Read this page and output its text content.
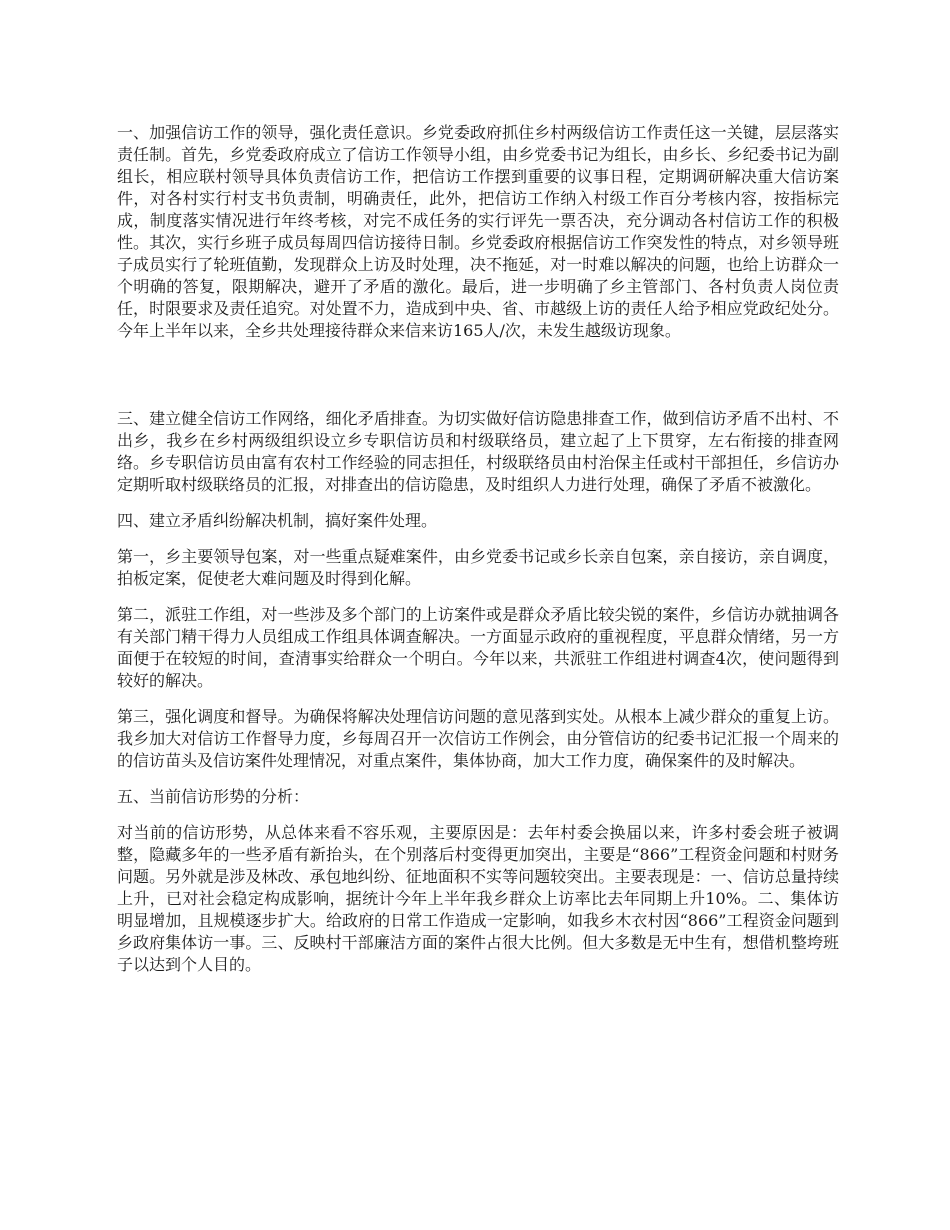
一、加强信访工作的领导，强化责任意识。乡党委政府抓住乡村两级信访工作责任这一关键，层层落实责任制。首先，乡党委政府成立了信访工作领导小组，由乡党委书记为组长，由乡长、乡纪委书记为副组长，相应联村领导具体负责信访工作，把信访工作摆到重要的议事日程，定期调研解决重大信访案件，对各村实行村支书负责制，明确责任，此外，把信访工作纳入村级工作百分考核内容，按指标完成，制度落实情况进行年终考核，对完不成任务的实行评先一票否决，充分调动各村信访工作的积极性。其次，实行乡班子成员每周四信访接待日制。乡党委政府根据信访工作突发性的特点，对乡领导班子成员实行了轮班值勤，发现群众上访及时处理，决不拖延，对一时难以解决的问题，也给上访群众一个明确的答复，限期解决，避开了矛盾的激化。最后，进一步明确了乡主管部门、各村负责人岗位责任，时限要求及责任追究。对处置不力，造成到中央、省、市越级上访的责任人给予相应党政纪处分。今年上半年以来，全乡共处理接待群众来信来访165人/次，未发生越级访现象。

三、建立健全信访工作网络，细化矛盾排查。为切实做好信访隐患排查工作，做到信访矛盾不出村、不出乡，我乡在乡村两级组织设立乡专职信访员和村级联络员，建立起了上下贯穿，左右衔接的排查网络。乡专职信访员由富有农村工作经验的同志担任，村级联络员由村治保主任或村干部担任，乡信访办定期听取村级联络员的汇报，对排查出的信访隐患，及时组织人力进行处理，确保了矛盾不被激化。

四、建立矛盾纠纷解决机制，搞好案件处理。

第一，乡主要领导包案，对一些重点疑难案件，由乡党委书记或乡长亲自包案，亲自接访，亲自调度，拍板定案，促使老大难问题及时得到化解。

第二，派驻工作组，对一些涉及多个部门的上访案件或是群众矛盾比较尖锐的案件，乡信访办就抽调各有关部门精干得力人员组成工作组具体调查解决。一方面显示政府的重视程度，平息群众情绪，另一方面便于在较短的时间，查清事实给群众一个明白。今年以来，共派驻工作组进村调查4次，使问题得到较好的解决。

第三，强化调度和督导。为确保将解决处理信访问题的意见落到实处。从根本上减少群众的重复上访。我乡加大对信访工作督导力度，乡每周召开一次信访工作例会，由分管信访的纪委书记汇报一个周来的的信访苗头及信访案件处理情况，对重点案件，集体协商，加大工作力度，确保案件的及时解决。

五、当前信访形势的分析：

对当前的信访形势，从总体来看不容乐观，主要原因是：去年村委会换届以来，许多村委会班子被调整，隐藏多年的一些矛盾有新抬头，在个别落后村变得更加突出，主要是“866”工程资金问题和村财务问题。另外就是涉及林改、承包地纠纷、征地面积不实等问题较突出。主要表现是：一、信访总量持续上升，已对社会稳定构成影响，据统计今年上半年我乡群众上访率比去年同期上升10%。二、集体访明显增加，且规模逐步扩大。给政府的日常工作造成一定影响，如我乡木衣村因“866”工程资金问题到乡政府集体访一事。三、反映村干部廉洁方面的案件占很大比例。但大多数是无中生有，想借机整垮班子以达到个人目的。
